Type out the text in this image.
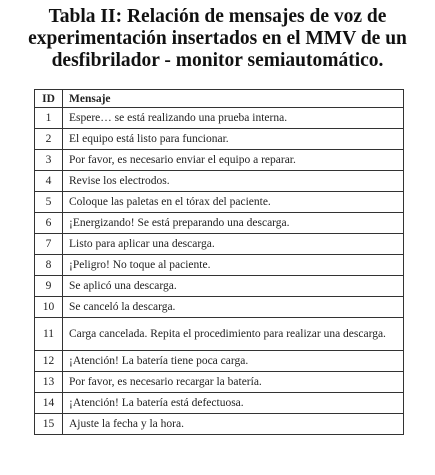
Tabla II: Relación de mensajes de voz de
experimentación insertados en el MMV de un
desfibrilador - monitor semiautomático.
ID	Mensaje
1	Espere… se está realizando una prueba interna.
2	El equipo está listo para funcionar.
3	Por favor, es necesario enviar el equipo a reparar.
4	Revise los electrodos.
5	Coloque las paletas en el tórax del paciente.
6	¡Energizando! Se está preparando una descarga.
7	Listo para aplicar una descarga.
8	¡Peligro! No toque al paciente.
9	Se aplicó una descarga.
10	Se canceló la descarga.
11	Carga cancelada. Repita el procedimiento para realizar una descarga.
12	¡Atención! La batería tiene poca carga.
13	Por favor, es necesario recargar la batería.
14	¡Atención! La batería está defectuosa.
15	Ajuste la fecha y la hora.
